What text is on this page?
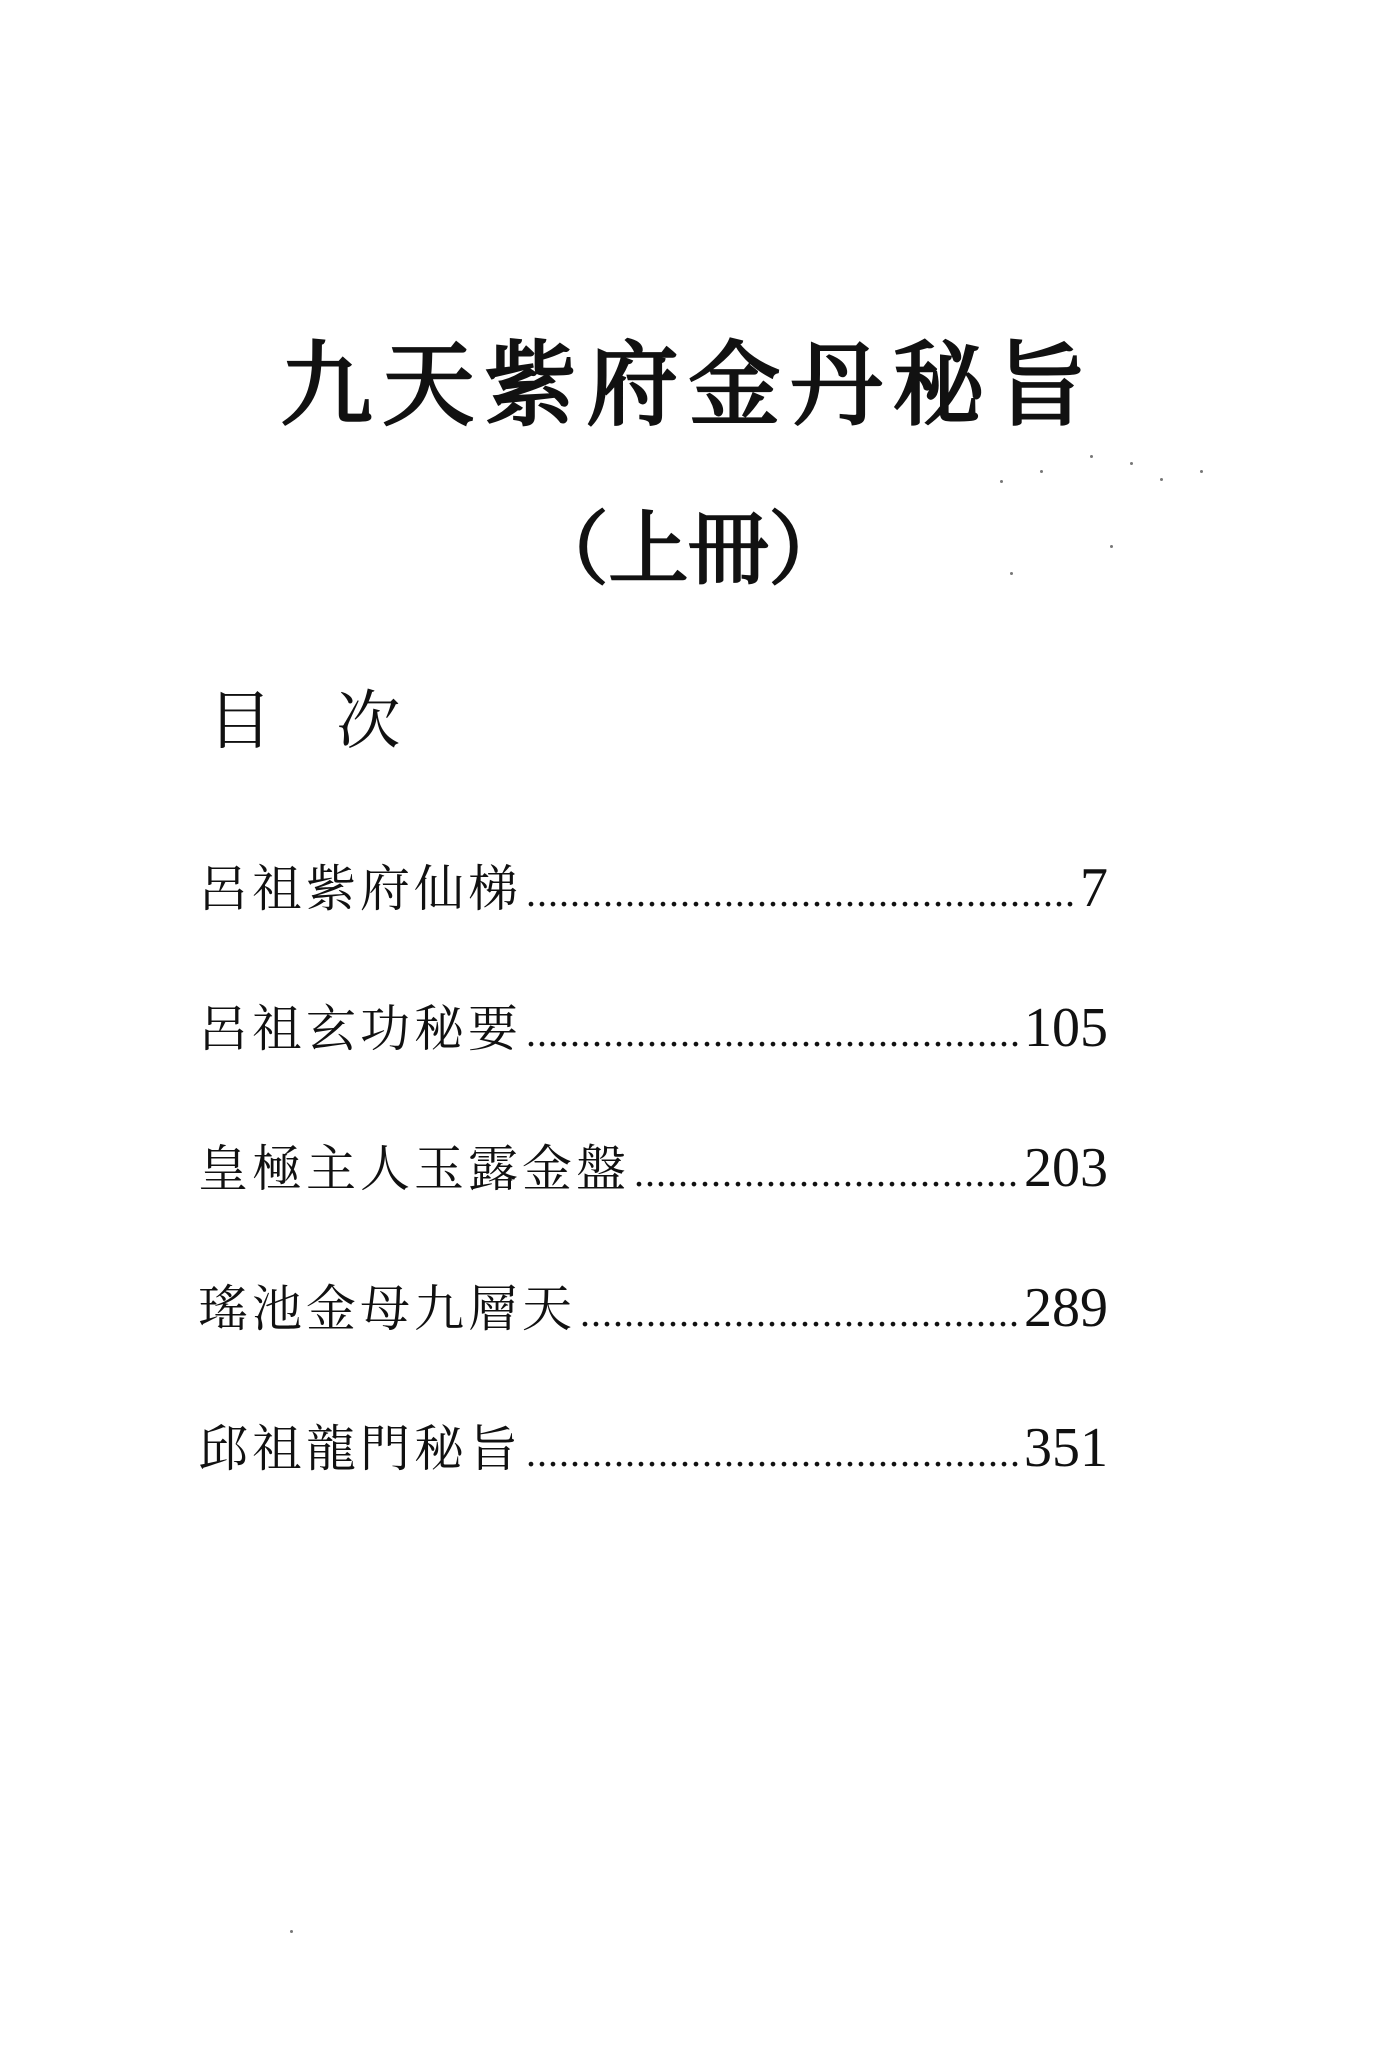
九天紫府金丹秘旨
（上冊）
目 次
呂祖紫府仙梯 .....	7
呂祖玄功秘要 .....	105
皇極主人玉露金盤 .....	203
瑤池金母九層天 .....	289
邱祖龍門秘旨 .....	351
